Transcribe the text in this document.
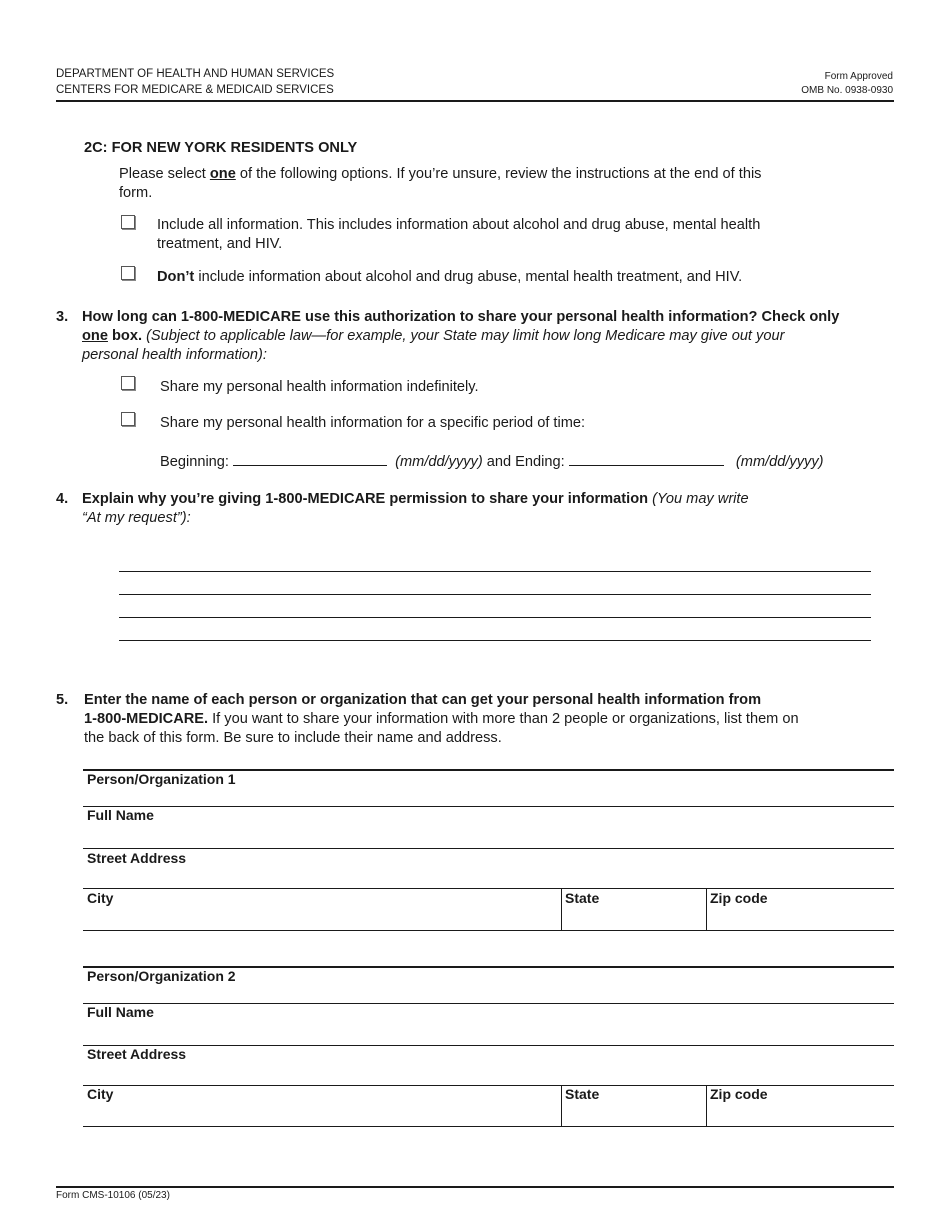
DEPARTMENT OF HEALTH AND HUMAN SERVICES
CENTERS FOR MEDICARE & MEDICAID SERVICES
Form Approved
OMB No. 0938-0930
2C: FOR NEW YORK RESIDENTS ONLY
Please select one of the following options. If you’re unsure, review the instructions at the end of this
form.
Include all information. This includes information about alcohol and drug abuse, mental health
treatment, and HIV.
Don’t include information about alcohol and drug abuse, mental health treatment, and HIV.
3. How long can 1-800-MEDICARE use this authorization to share your personal health information? Check only
one box. (Subject to applicable law—for example, your State may limit how long Medicare may give out your
personal health information):
Share my personal health information indefinitely.
Share my personal health information for a specific period of time:
Beginning:	(mm/dd/yyyy) and Ending:	(mm/dd/yyyy)
4. Explain why you’re giving 1-800-MEDICARE permission to share your information (You may write
“At my request”):
5. Enter the name of each person or organization that can get your personal health information from
1-800-MEDICARE. If you want to share your information with more than 2 people or organizations, list them on
the back of this form. Be sure to include their name and address.
Person/Organization 1
Full Name
Street Address
City	State	Zip code
Person/Organization 2
Full Name
Street Address
City	State	Zip code
Form CMS-10106 (05/23)
